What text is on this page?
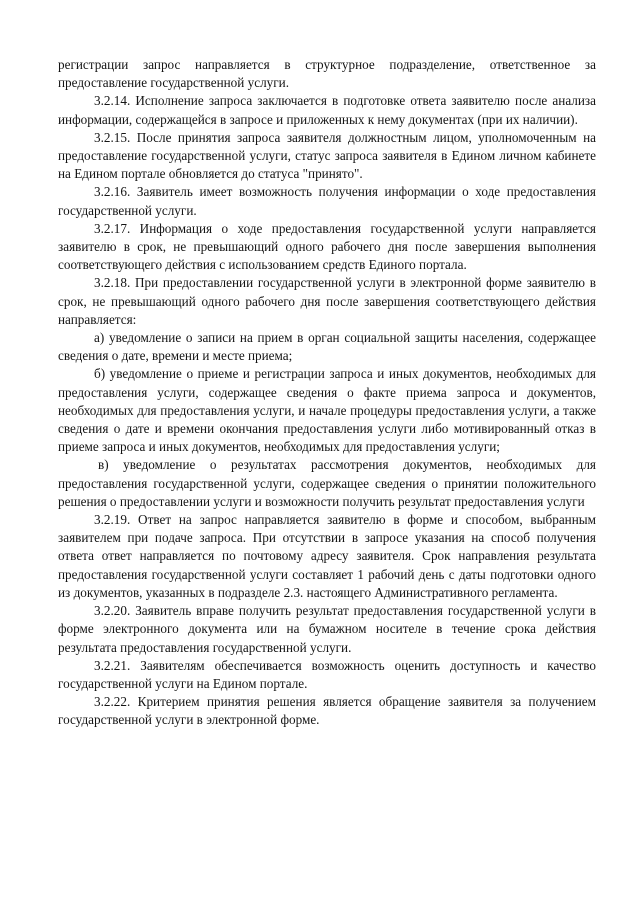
регистрации запрос направляется в структурное подразделение, ответственное за предоставление государственной услуги.

3.2.14. Исполнение запроса заключается в подготовке ответа заявителю после анализа информации, содержащейся в запросе и приложенных к нему документах (при их наличии).

3.2.15. После принятия запроса заявителя должностным лицом, уполномоченным на предоставление государственной услуги, статус запроса заявителя в Едином личном кабинете на Едином портале обновляется до статуса "принято".

3.2.16. Заявитель имеет возможность получения информации о ходе предоставления государственной услуги.

3.2.17. Информация о ходе предоставления государственной услуги направляется заявителю в срок, не превышающий одного рабочего дня после завершения выполнения соответствующего действия с использованием средств Единого портала.

3.2.18. При предоставлении государственной услуги в электронной форме заявителю в срок, не превышающий одного рабочего дня после завершения соответствующего действия направляется:

а) уведомление о записи на прием в орган социальной защиты населения, содержащее сведения о дате, времени и месте приема;

б) уведомление о приеме и регистрации запроса и иных документов, необходимых для предоставления услуги, содержащее сведения о факте приема запроса и документов, необходимых для предоставления услуги, и начале процедуры предоставления услуги, а также сведения о дате и времени окончания предоставления услуги либо мотивированный отказ в приеме запроса и иных документов, необходимых для предоставления услуги;

в) уведомление о результатах рассмотрения документов, необходимых для предоставления государственной услуги, содержащее сведения о принятии положительного решения о предоставлении услуги и возможности получить результат предоставления услуги

3.2.19. Ответ на запрос направляется заявителю в форме и способом, выбранным заявителем при подаче запроса. При отсутствии в запросе указания на способ получения ответа ответ направляется по почтовому адресу заявителя. Срок направления результата предоставления государственной услуги составляет 1 рабочий день с даты подготовки одного из документов, указанных в подразделе 2.3. настоящего Административного регламента.

3.2.20. Заявитель вправе получить результат предоставления государственной услуги в форме электронного документа или на бумажном носителе в течение срока действия результата предоставления государственной услуги.

3.2.21. Заявителям обеспечивается возможность оценить доступность и качество государственной услуги на Едином портале.

3.2.22. Критерием принятия решения является обращение заявителя за получением государственной услуги в электронной форме.
